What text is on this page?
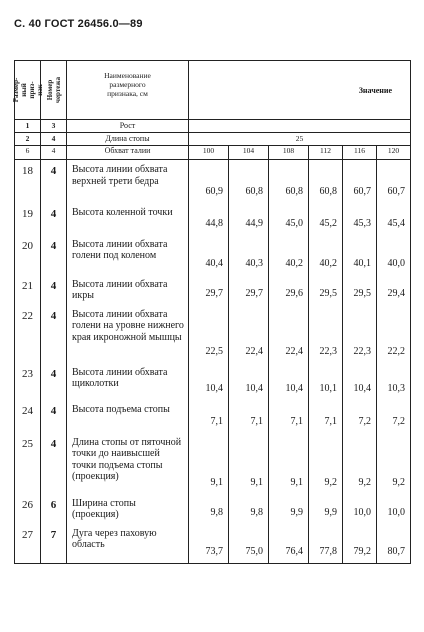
С. 40 ГОСТ 26456.0—89
Размер-
ный приз-
нак	Номер
чертежа	Наименование
размерного
признака, см	Значение					
1	3	Рост						
2	4	Длина стопы	25					
6	4	Обхват талии	100	104	108	112	116	120
18	4	Высота линии обхвата верхней трети бедра	60,9	60,8	60,8	60,8	60,7	60,7
19	4	Высота коленной точки	44,8	44,9	45,0	45,2	45,3	45,4
20	4	Высота линии обхвата голени под коленом	40,4	40,3	40,2	40,2	40,1	40,0
21	4	Высота линии обхвата икры	29,7	29,7	29,6	29,5	29,5	29,4
22	4	Высота линии обхвата голени на уровне нижнего края икроножной мышцы	22,5	22,4	22,4	22,3	22,3	22,2
23	4	Высота линии обхвата щиколотки	10,4	10,4	10,4	10,1	10,4	10,3
24	4	Высота подъема стопы	7,1	7,1	7,1	7,1	7,2	7,2
25	4	Длина стопы от пяточной точки до наивысшей точки подъема стопы (проекция)	9,1	9,1	9,1	9,2	9,2	9,2
26	6	Ширина стопы (проекция)	9,8	9,8	9,9	9,9	10,0	10,0
27	7	Дуга через паховую область	73,7	75,0	76,4	77,8	79,2	80,7
